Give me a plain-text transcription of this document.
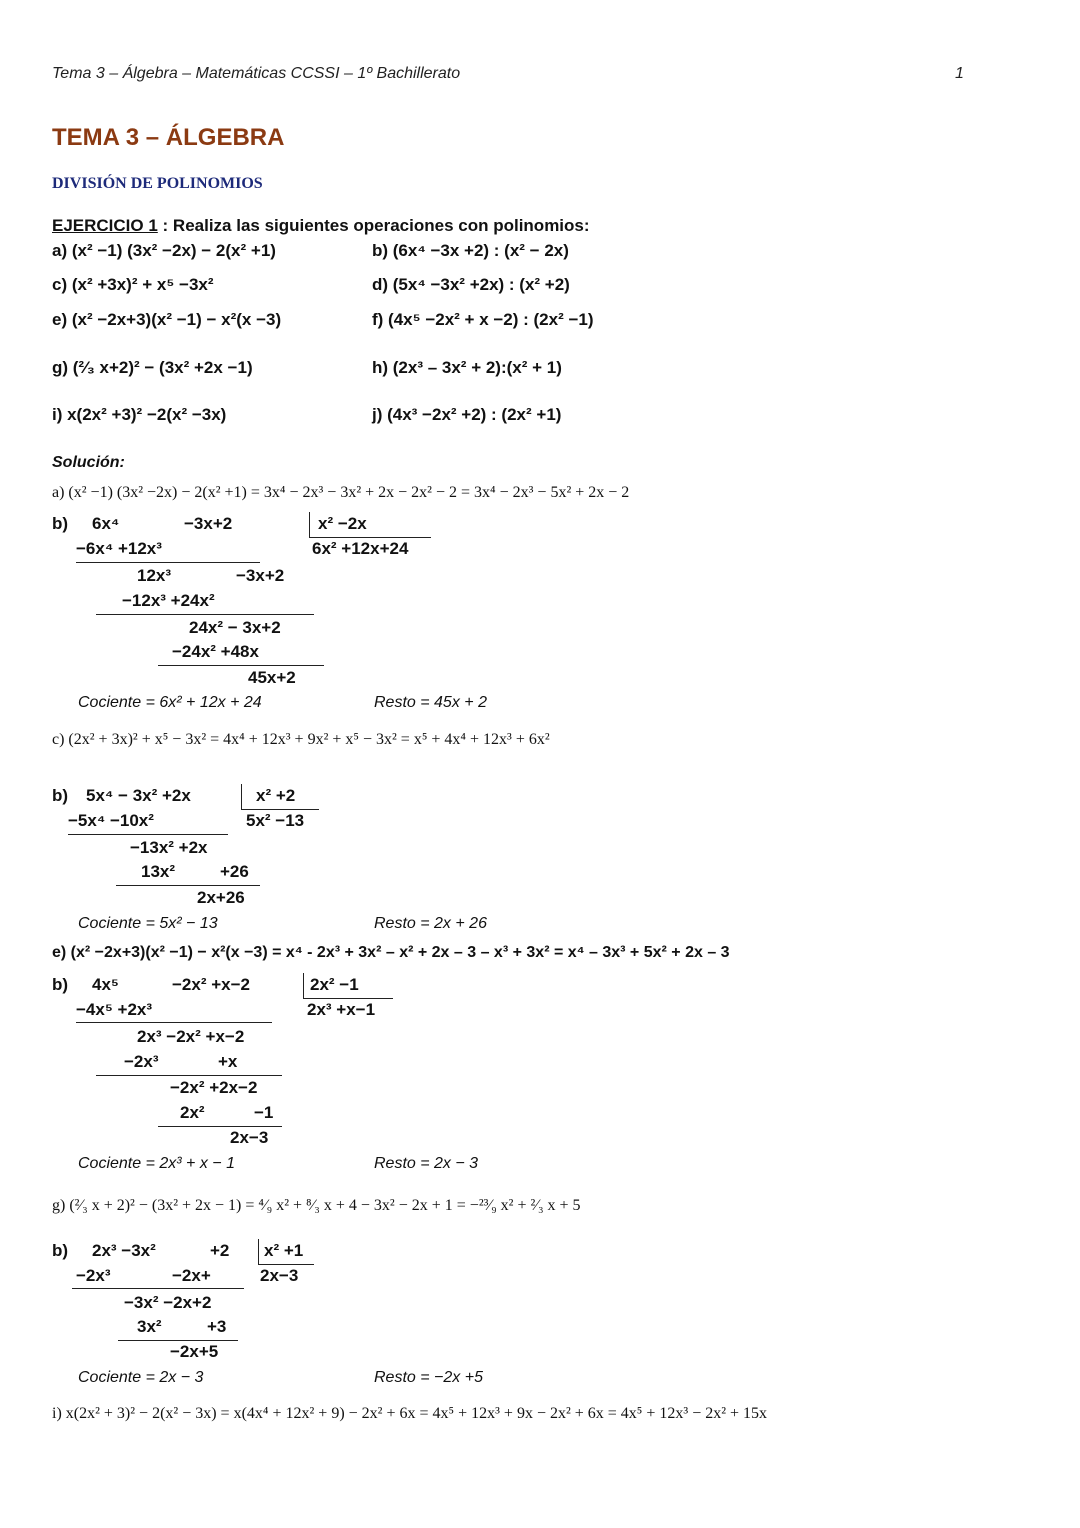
Tema 3 – Álgebra – Matemáticas CCSSI – 1º Bachillerato	1
TEMA 3 – ÁLGEBRA
DIVISIÓN DE POLINOMIOS
EJERCICIO 1 : Realiza las siguientes operaciones con polinomios:
a) (x² −1) (3x² −2x) − 2(x² +1)	b) (6x⁴ −3x +2) : (x² − 2x)
c) (x² +3x)² + x⁵ −3x²	d) (5x⁴ −3x² +2x) : (x² +2)
e) (x² −2x+3)(x² −1) − x²(x −3)	f) (4x⁵ −2x² + x −2) : (2x² −1)
g) (²⁄₃ x+2)² − (3x² +2x −1)	h) (2x³ – 3x² + 2):(x² + 1)
i) x(2x² +3)² −2(x² −3x)	j) (4x³ −2x² +2) : (2x² +1)
Solución:
a) (x² −1) (3x² −2x) − 2(x² +1) = 3x⁴ − 2x³ − 3x² + 2x − 2x² − 2 = 3x⁴ − 2x³ − 5x² + 2x − 2
b) 6x⁴	−3x+2	x² −2x
6x² +12x+24
−6x⁴ +12x³
12x³	−3x+2
−12x³ +24x²
24x² − 3x+2
−24x² +48x
45x+2
Cociente = 6x² + 12x + 24	Resto = 45x + 2
c) (2x² + 3x)² + x⁵ − 3x² = 4x⁴ + 12x³ + 9x² + x⁵ − 3x² = x⁵ + 4x⁴ + 12x³ + 6x²
b) 5x⁴ − 3x² +2x	x² +2
5x² −13
−5x⁴ −10x²
−13x² +2x
13x²	+26
2x+26
Cociente = 5x² − 13	Resto = 2x + 26
e) (x² −2x+3)(x² −1) − x²(x −3) = x⁴ - 2x³ + 3x² – x² + 2x – 3 – x³ + 3x² = x⁴ – 3x³ + 5x² + 2x – 3
b) 4x⁵	−2x² +x−2	2x² −1
2x³ +x−1
−4x⁵ +2x³
2x³ −2x² +x−2
−2x³	+x
−2x² +2x−2
2x²	−1
2x−3
Cociente = 2x³ + x − 1	Resto = 2x − 3
g) (²⁄₃ x + 2)² − (3x² + 2x − 1) = ⁴⁄₉ x² + ⁸⁄₃ x + 4 − 3x² − 2x + 1 = −²³⁄₉ x² + ²⁄₃ x + 5
b) 2x³ −3x²	+2 x² +1
2x−3
−2x³	−2x+
−3x² −2x+2
3x²	+3
−2x+5
Cociente = 2x − 3	Resto = −2x +5
i) x(2x² + 3)² − 2(x² − 3x) = x(4x⁴ + 12x² + 9) − 2x² + 6x = 4x⁵ + 12x³ + 9x − 2x² + 6x = 4x⁵ + 12x³ − 2x² + 15x
